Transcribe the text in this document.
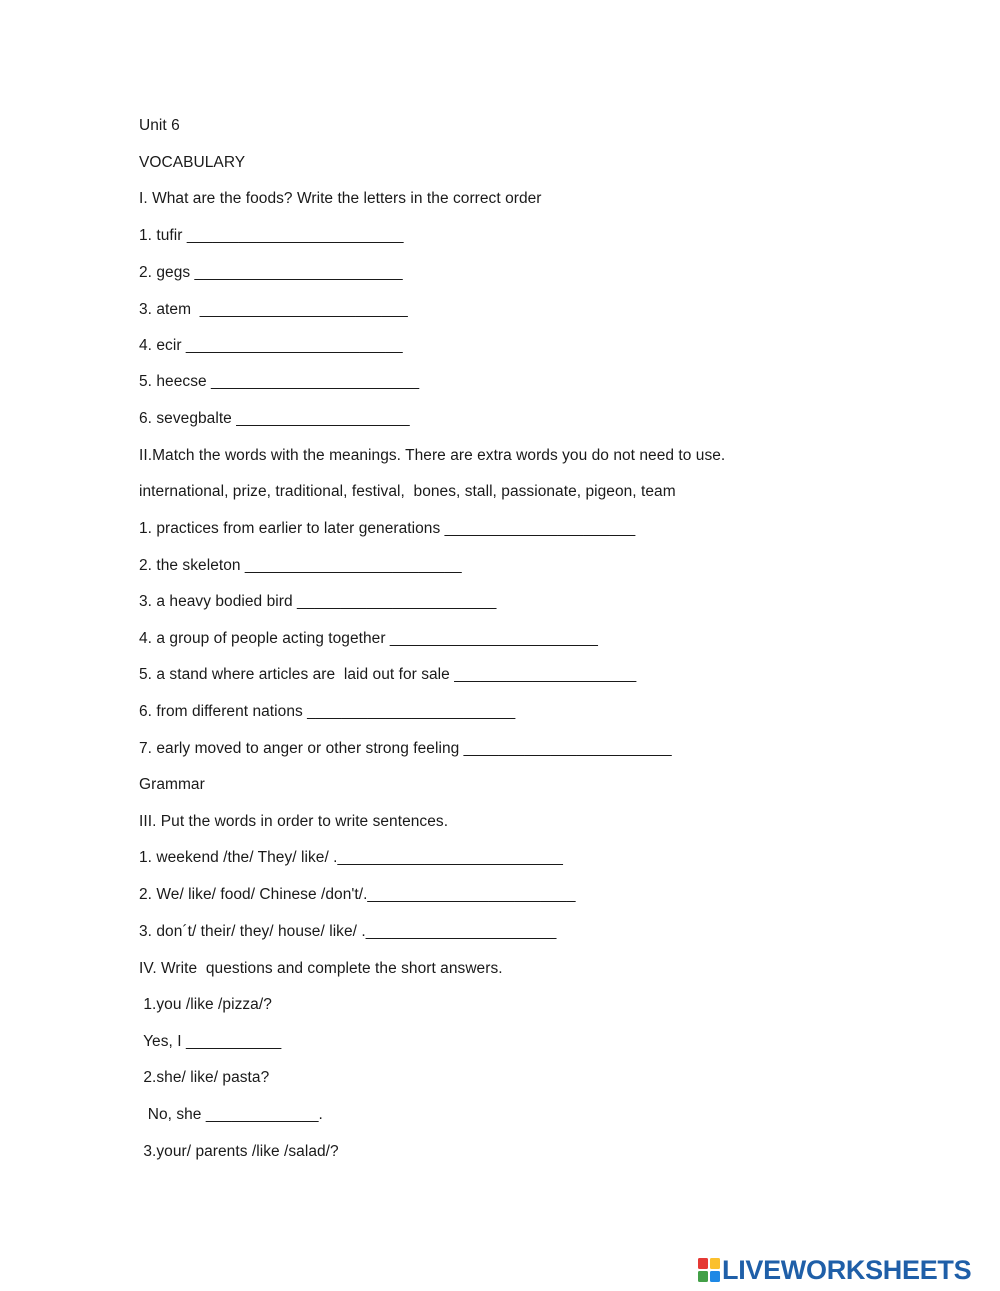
Unit 6
VOCABULARY
I. What are the foods? Write the letters in the correct order
1. tufir _________________________
2. gegs ________________________
3. atem  ________________________
4. ecir _________________________
5. heecse ________________________
6. sevegbalte ____________________
II.Match the words with the meanings. There are extra words you do not need to use.
international, prize, traditional, festival,  bones, stall, passionate, pigeon, team
1. practices from earlier to later generations ______________________
2. the skeleton _________________________
3. a heavy bodied bird _______________________
4. a group of people acting together ________________________
5. a stand where articles are  laid out for sale _____________________
6. from different nations ________________________
7. early moved to anger or other strong feeling ________________________
Grammar
III. Put the words in order to write sentences.
1. weekend /the/ They/ like/ .__________________________
2. We/ like/ food/ Chinese /don't/.________________________
3. don´t/ their/ they/ house/ like/ .______________________
IV. Write  questions and complete the short answers.
1.you /like /pizza/?
Yes, I ___________
2.she/ like/ pasta?
No, she _____________.
3.your/ parents /like /salad/?
LIVEWORKSHEETS
